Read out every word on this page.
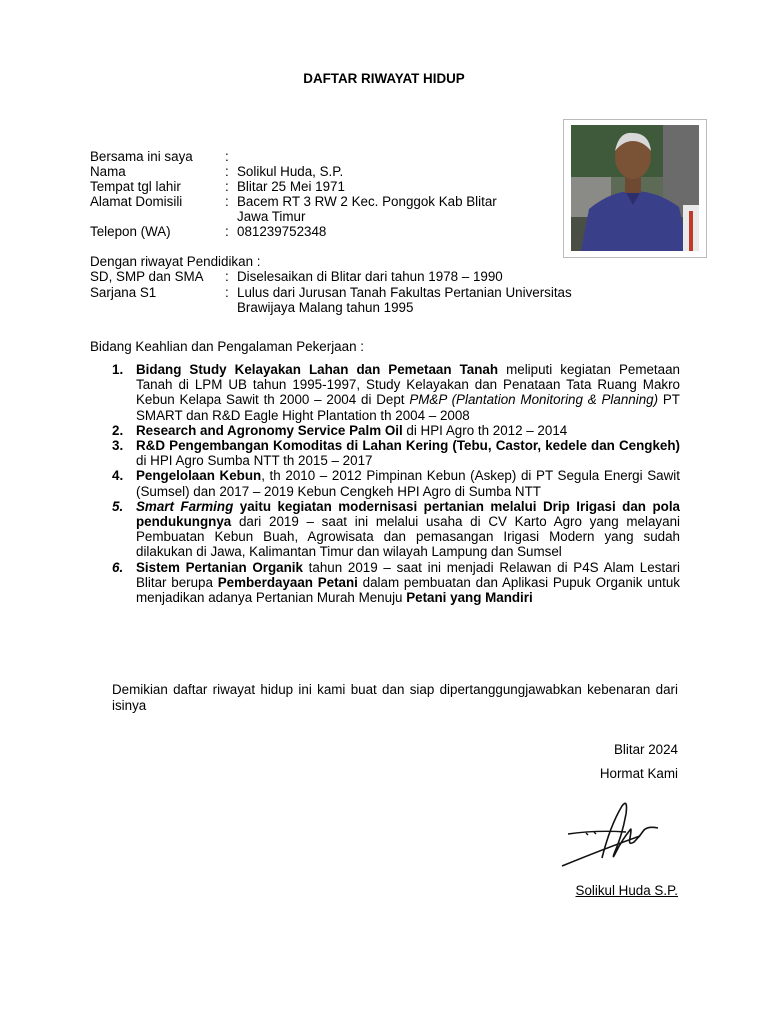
DAFTAR RIWAYAT HIDUP
Bersama ini saya :
Nama	: Solikul Huda, S.P.
Tempat tgl lahir	: Blitar 25 Mei 1971
Alamat Domisili	: Bacem RT 3 RW 2 Kec. Ponggok Kab Blitar
Jawa Timur
Telepon (WA)	: 081239752348
Dengan riwayat Pendidikan :
SD, SMP dan SMA : Diselesaikan di Blitar dari tahun 1978 – 1990
Sarjana S1	: Lulus dari Jurusan Tanah Fakultas Pertanian Universitas
Brawijaya Malang tahun 1995
Bidang Keahlian dan Pengalaman Pekerjaan :
1. Bidang Study Kelayakan Lahan dan Pemetaan Tanah meliputi kegiatan Pemetaan Tanah di LPM UB tahun 1995-1997, Study Kelayakan dan Penataan Tata Ruang Makro Kebun Kelapa Sawit th 2000 – 2004 di Dept PM&P (Plantation Monitoring & Planning) PT SMART dan R&D Eagle Hight Plantation th 2004 – 2008
2. Research and Agronomy Service Palm Oil di HPI Agro th 2012 – 2014
3. R&D Pengembangan Komoditas di Lahan Kering (Tebu, Castor, kedele dan Cengkeh) di HPI Agro Sumba NTT th 2015 – 2017
4. Pengelolaan Kebun, th 2010 – 2012 Pimpinan Kebun (Askep) di PT Segula Energi Sawit (Sumsel) dan 2017 – 2019 Kebun Cengkeh HPI Agro di Sumba NTT
5. Smart Farming yaitu kegiatan modernisasi pertanian melalui Drip Irigasi dan pola pendukungnya dari 2019 – saat ini melalui usaha di CV Karto Agro yang melayani Pembuatan Kebun Buah, Agrowisata dan pemasangan Irigasi Modern yang sudah dilakukan di Jawa, Kalimantan Timur dan wilayah Lampung dan Sumsel
6. Sistem Pertanian Organik tahun 2019 – saat ini menjadi Relawan di P4S Alam Lestari Blitar berupa Pemberdayaan Petani dalam pembuatan dan Aplikasi Pupuk Organik untuk menjadikan adanya Pertanian Murah Menuju Petani yang Mandiri
Demikian daftar riwayat hidup ini kami buat dan siap dipertanggungjawabkan kebenaran dari isinya
Blitar 2024
Hormat Kami
Solikul Huda S.P.
